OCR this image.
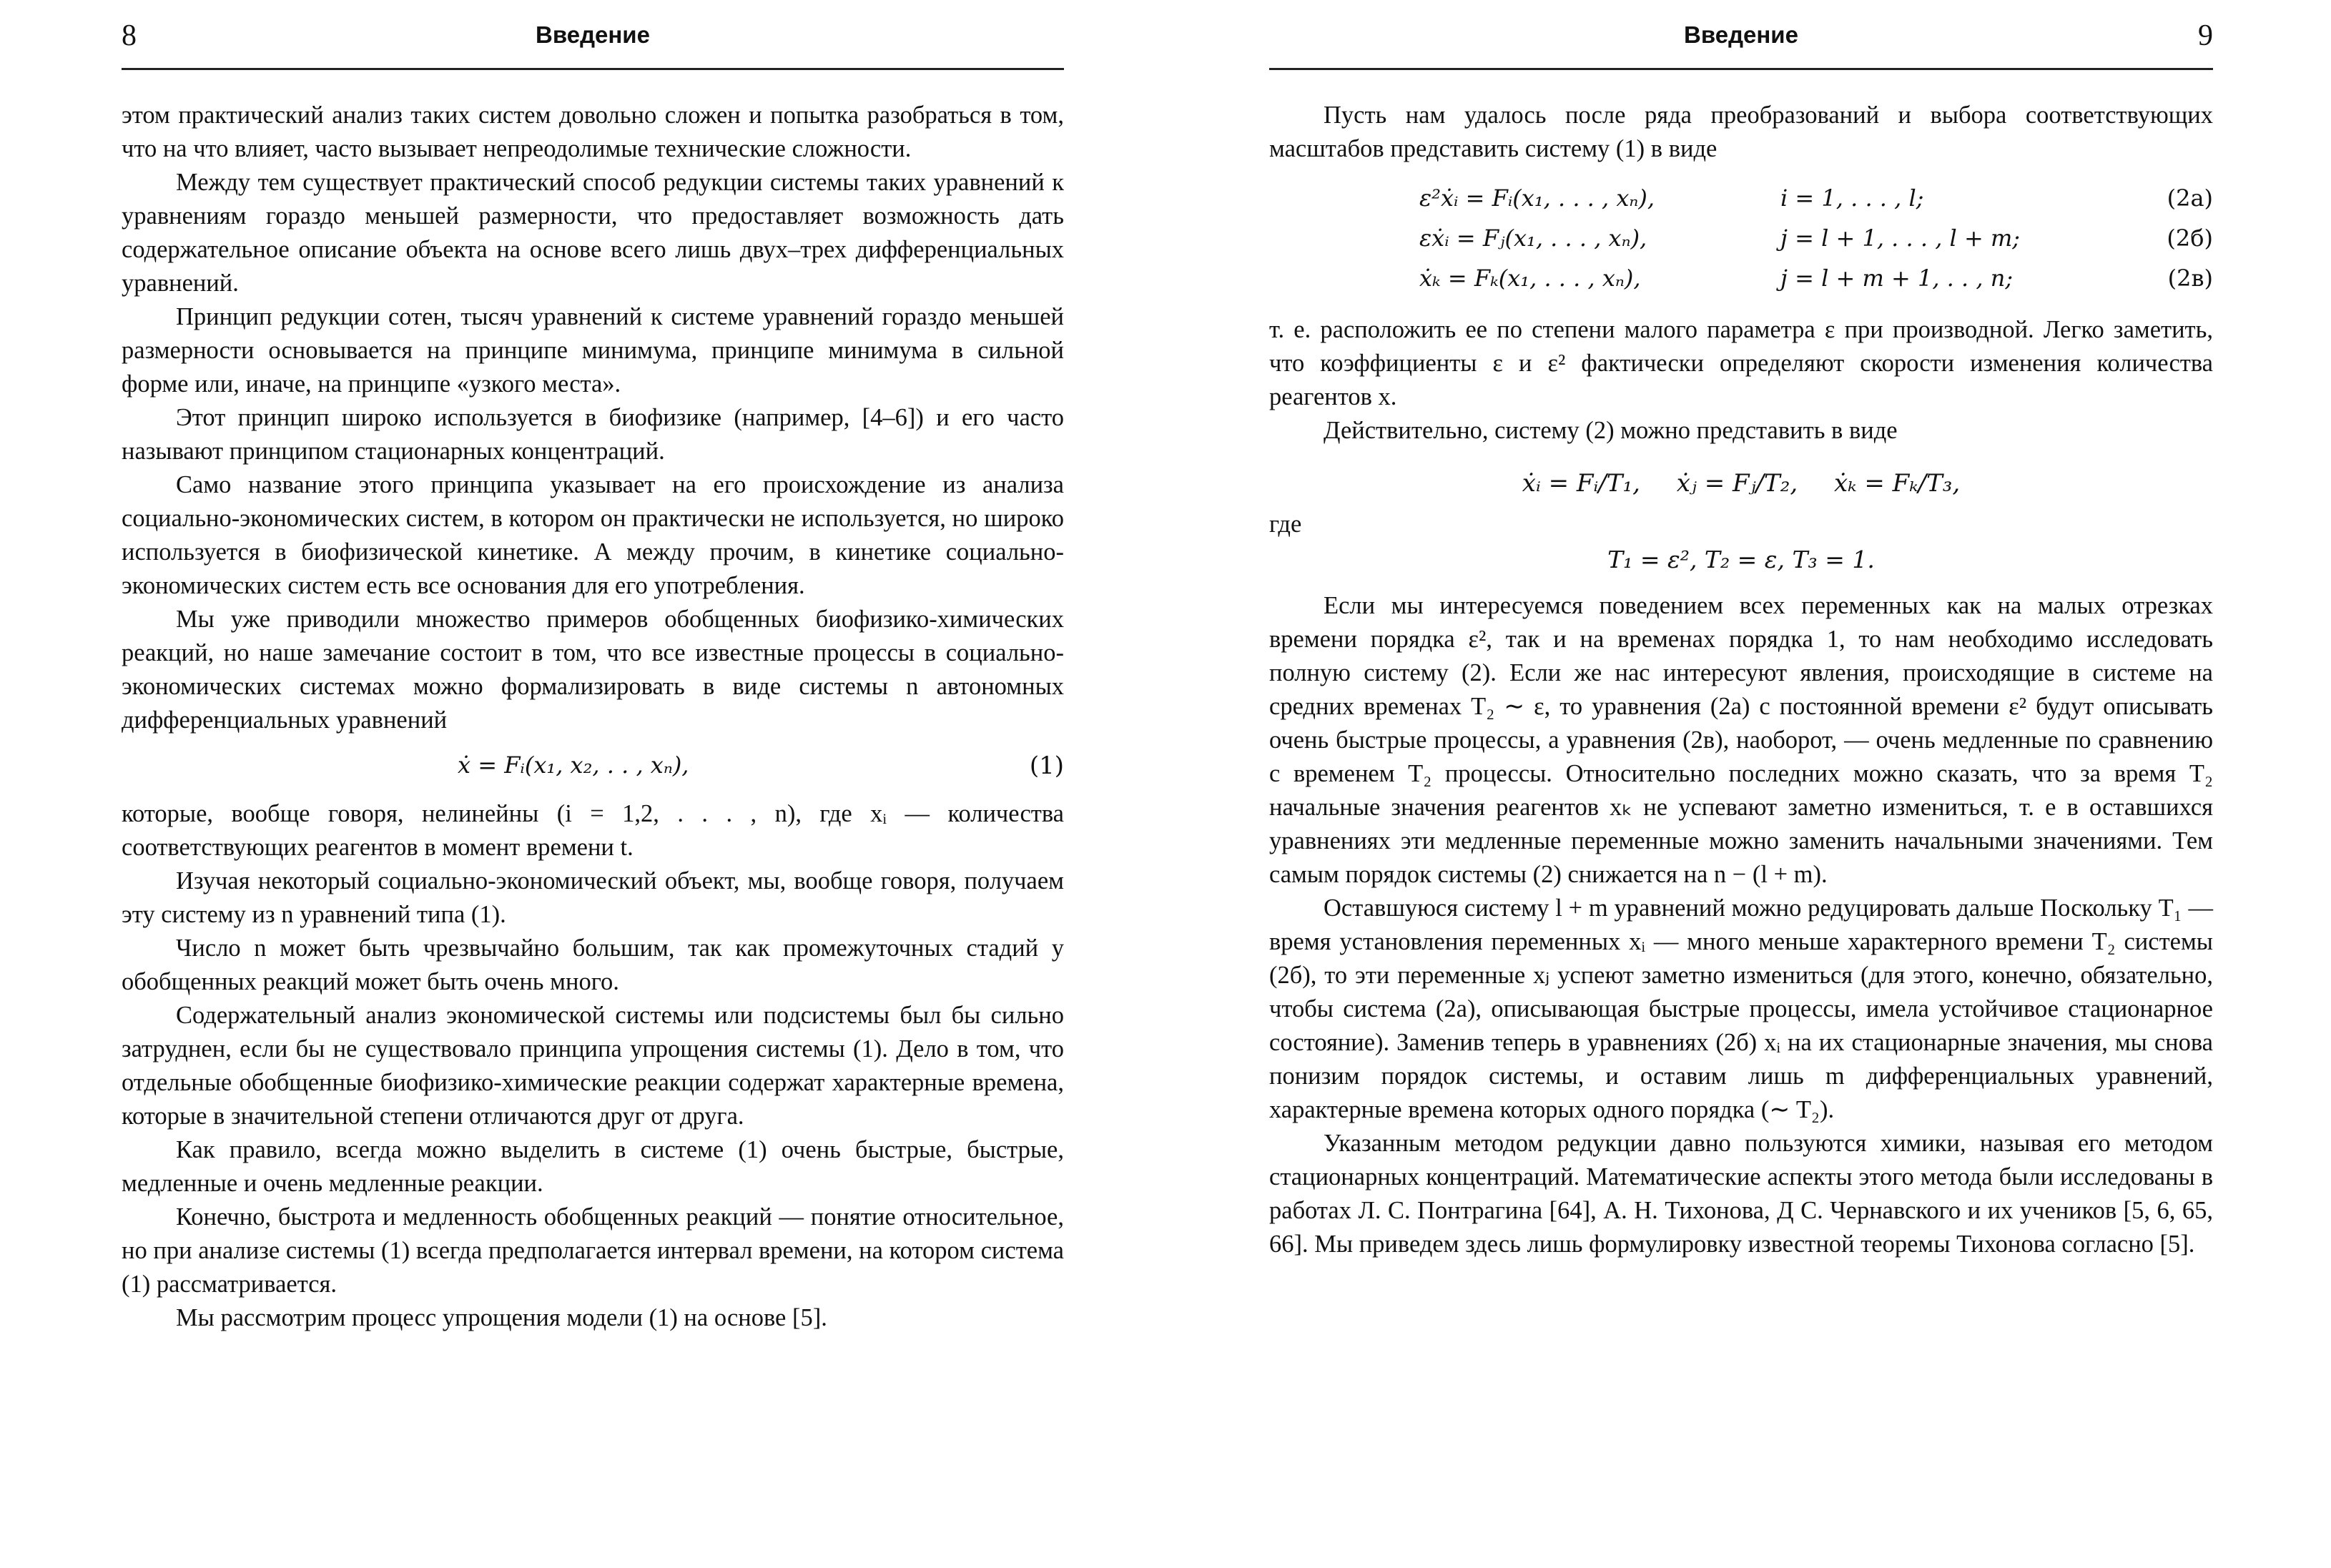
8	Введение

этом практический анализ таких систем довольно сложен и попытка разобраться в том, что на что влияет, часто вызывает непреодолимые технические сложности.

Между тем существует практический способ редукции системы таких уравнений к уравнениям гораздо меньшей размерности, что предоставляет возможность дать содержательное описание объекта на основе всего лишь двух–трех дифференциальных уравнений.

Принцип редукции сотен, тысяч уравнений к системе уравнений гораздо меньшей размерности основывается на принципе минимума, принципе минимума в сильной форме или, иначе, на принципе «узкого места».

Этот принцип широко используется в биофизике (например, [4–6]) и его часто называют принципом стационарных концентраций.

Само название этого принципа указывает на его происхождение из анализа социально-экономических систем, в котором он практически не используется, но широко используется в биофизической кинетике. А между прочим, в кинетике социально-экономических систем есть все основания для его употребления.

Мы уже приводили множество примеров обобщенных биофизико-химических реакций, но наше замечание состоит в том, что все известные процессы в социально-экономических системах можно формализировать в виде системы n автономных дифференциальных уравнений

ẋ = Fᵢ(x₁, x₂, . . , xₙ),	(1)

которые, вообще говоря, нелинейны (i = 1,2, . . . , n), где xᵢ — количества соответствующих реагентов в момент времени t.

Изучая некоторый социально-экономический объект, мы, вообще говоря, получаем эту систему из n уравнений типа (1).

Число n может быть чрезвычайно большим, так как промежуточных стадий у обобщенных реакций может быть очень много.

Содержательный анализ экономической системы или подсистемы был бы сильно затруднен, если бы не существовало принципа упрощения системы (1). Дело в том, что отдельные обобщенные биофизико-химические реакции содержат характерные времена, которые в значительной степени отличаются друг от друга.

Как правило, всегда можно выделить в системе (1) очень быстрые, быстрые, медленные и очень медленные реакции.

Конечно, быстрота и медленность обобщенных реакций — понятие относительное, но при анализе системы (1) всегда предполагается интервал времени, на котором система (1) рассматривается.

Мы рассмотрим процесс упрощения модели (1) на основе [5].

Введение	9

Пусть нам удалось после ряда преобразований и выбора соответствующих масштабов представить систему (1) в виде

ε²ẋᵢ = Fᵢ(x₁, . . . , xₙ),	i = 1, . . . , l;	(2а)
εẋᵢ = Fⱼ(x₁, . . . , xₙ),	j = l + 1, . . . , l + m;	(2б)
ẋₖ = Fₖ(x₁, . . . , xₙ),	j = l + m + 1, . . , n;	(2в)

т. е. расположить ее по степени малого параметра ε при производной. Легко заметить, что коэффициенты ε и ε² фактически определяют скорости изменения количества реагентов x.

Действительно, систему (2) можно представить в виде

ẋᵢ = Fᵢ/T₁, ẋⱼ = Fⱼ/T₂, ẋₖ = Fₖ/T₃,
где
T₁ = ε², T₂ = ε, T₃ = 1.

Если мы интересуемся поведением всех переменных как на малых отрезках времени порядка ε², так и на временах порядка 1, то нам необходимо исследовать полную систему (2). Если же нас интересуют явления, происходящие в системе на средних временах T₂ ∼ ε, то уравнения (2а) с постоянной времени ε² будут описывать очень быстрые процессы, а уравнения (2в), наоборот, — очень медленные по сравнению с временем T₂ процессы. Относительно последних можно сказать, что за время T₂ начальные значения реагентов xₖ не успевают заметно измениться, т. е в оставшихся уравнениях эти медленные переменные можно заменить начальными значениями. Тем самым порядок системы (2) снижается на n − (l + m).

Оставшуюся систему l + m уравнений можно редуцировать дальше Поскольку T₁ — время установления переменных xᵢ — много меньше характерного времени T₂ системы (2б), то эти переменные xⱼ успеют заметно измениться (для этого, конечно, обязательно, чтобы система (2а), описывающая быстрые процессы, имела устойчивое стационарное состояние). Заменив теперь в уравнениях (2б) xᵢ на их стационарные значения, мы снова понизим порядок системы, и оставим лишь m дифференциальных уравнений, характерные времена которых одного порядка (∼ T₂).

Указанным методом редукции давно пользуются химики, называя его методом стационарных концентраций. Математические аспекты этого метода были исследованы в работах Л. С. Понтрагина [64], А. Н. Тихонова, Д С. Чернавского и их учеников [5, 6, 65, 66]. Мы приведем здесь лишь формулировку известной теоремы Тихонова согласно [5].
